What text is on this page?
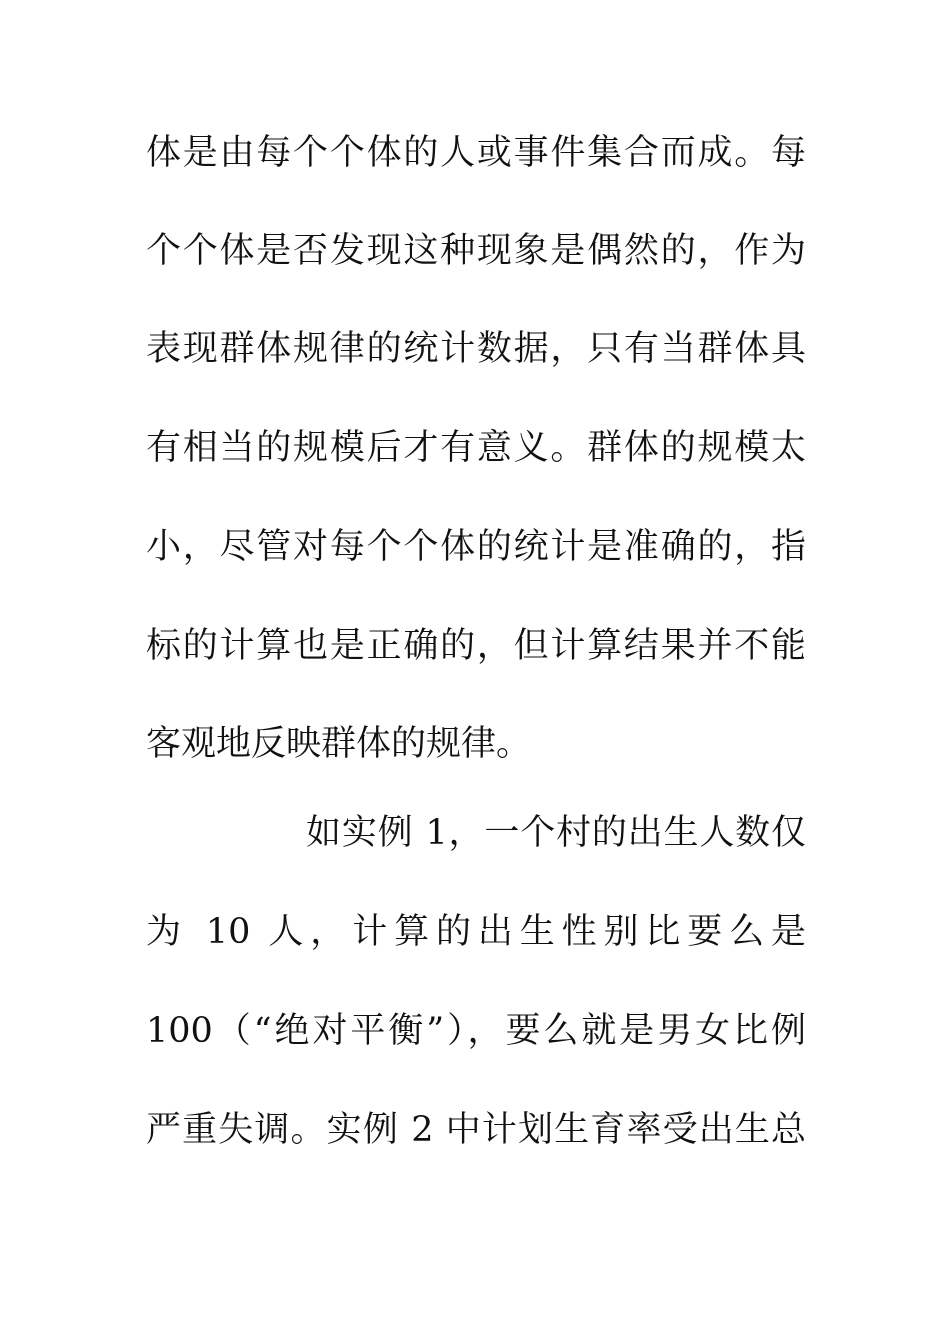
体是由每个个体的人或事件集合而成。每
个个体是否发现这种现象是偶然的，作为
表现群体规律的统计数据，只有当群体具
有相当的规模后才有意义。群体的规模太
小，尽管对每个个体的统计是准确的，指
标的计算也是正确的，但计算结果并不能
客观地反映群体的规律。
如实例 1，一个村的出生人数仅
为 10 人，计算的出生性别比要么是
100（“绝对平衡”），要么就是男女比例
严重失调。实例 2 中计划生育率受出生总
